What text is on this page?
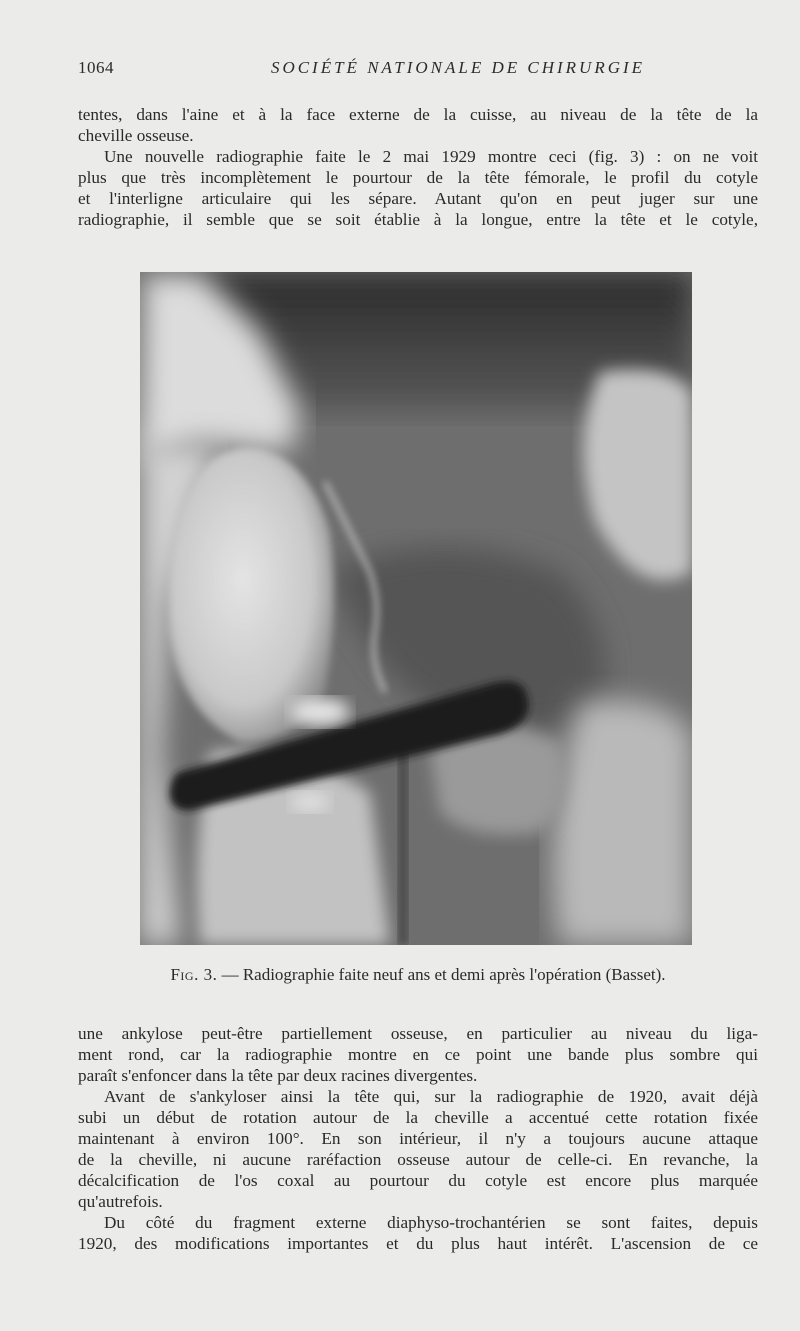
1064	SOCIÉTÉ NATIONALE DE CHIRURGIE
tentes, dans l'aine et à la face externe de la cuisse, au niveau de la tête de la
cheville osseuse.
Une nouvelle radiographie faite le 2 mai 1929 montre ceci (fig. 3) : on ne voit
plus que très incomplètement le pourtour de la tête fémorale, le profil du cotyle
et l'interligne articulaire qui les sépare. Autant qu'on en peut juger sur une
radiographie, il semble que se soit établie à la longue, entre la tête et le cotyle,
Fig. 3. — Radiographie faite neuf ans et demi après l'opération (Basset).
une ankylose peut-être partiellement osseuse, en particulier au niveau du liga-
ment rond, car la radiographie montre en ce point une bande plus sombre qui
paraît s'enfoncer dans la tête par deux racines divergentes.
Avant de s'ankyloser ainsi la tête qui, sur la radiographie de 1920, avait déjà
subi un début de rotation autour de la cheville a accentué cette rotation fixée
maintenant à environ 100°. En son intérieur, il n'y a toujours aucune attaque
de la cheville, ni aucune raréfaction osseuse autour de celle-ci. En revanche, la
décalcification de l'os coxal au pourtour du cotyle est encore plus marquée
qu'autrefois.
Du côté du fragment externe diaphyso-trochantérien se sont faites, depuis
1920, des modifications importantes et du plus haut intérêt. L'ascension de ce
